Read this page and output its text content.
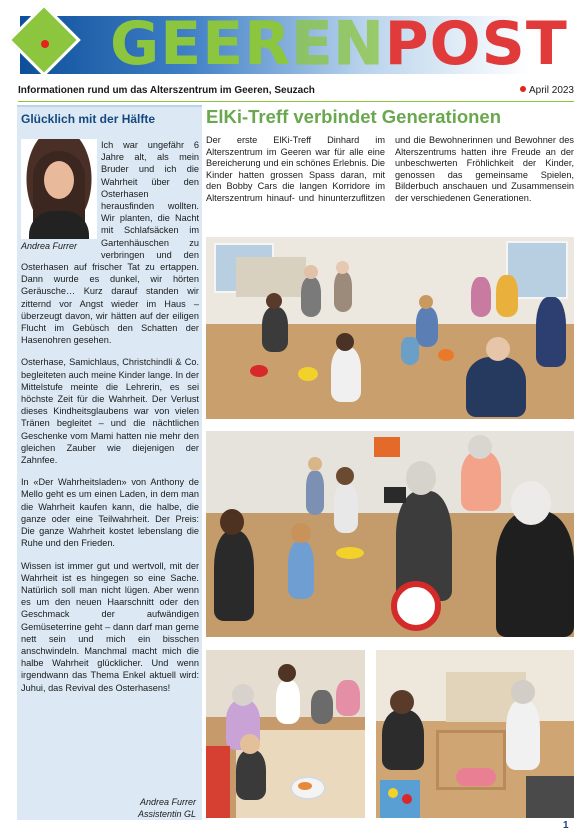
GEERENPOST
Informationen rund um das Alterszentrum im Geeren, Seuzach	April 2023
Glücklich mit der Hälfte

Ich war ungefähr 6 Jahre alt, als mein Bruder und ich die Wahrheit über den Osterhasen herausfinden wollten. Wir planten, die Nacht mit Schlafsäcken im Gartenhäuschen zu verbringen und den Osterhasen auf frischer Tat zu ertappen. Dann wurde es dunkel, wir hörten Geräusche… Kurz darauf standen wir zitternd vor Angst wieder im Haus – überzeugt davon, wir hätten auf der eiligen Flucht im Gebüsch den Schatten der Hasenohren gesehen.

Osterhase, Samichlaus, Christchindli & Co. begleiteten auch meine Kinder lange. In der Mittelstufe meinte die Lehrerin, es sei höchste Zeit für die Wahrheit. Der Verlust dieses Kindheitsglaubens war von vielen Tränen begleitet – und die nächtlichen Geschenke vom Mami hatten nie mehr den gleichen Zauber wie diejenigen der Zahnfee.

In «Der Wahrheitsladen» von Anthony de Mello geht es um einen Laden, in dem man die Wahrheit kaufen kann, die halbe, die ganze oder eine Teilwahrheit. Der Preis: Die ganze Wahrheit kostet lebenslang die Ruhe und den Frieden.

Wissen ist immer gut und wertvoll, mit der Wahrheit ist es hingegen so eine Sache. Natürlich soll man nicht lügen. Aber wenn es um den neuen Haarschnitt oder den Geschmack der aufwändigen Gemüseterrine geht – dann darf man gerne nett sein und mich ein bisschen anschwindeln. Manchmal macht mich die halbe Wahrheit glücklicher. Und wenn irgendwann das Thema Enkel aktuell wird: Juhui, das Revival des Osterhasens!

Andrea Furrer
Andrea Furrer
Assistentin GL
ElKi-Treff verbindet Generationen
Der erste ElKi-Treff Dinhard im Alterszentrum im Geeren war für alle eine Bereicherung und ein schönes Erlebnis. Die Kinder hatten grossen Spass daran, mit den Bobby Cars die langen Korridore im Alterszentrum hinauf- und hinunterzuflitzen und die Bewohnerinnen und Bewohner des Alterszentrums hatten ihre Freude an der unbeschwerten Fröhlichkeit der Kinder, genossen das gemeinsame Spielen, Bilderbuch anschauen und Zusammensein der verschiedenen Generationen.
1
